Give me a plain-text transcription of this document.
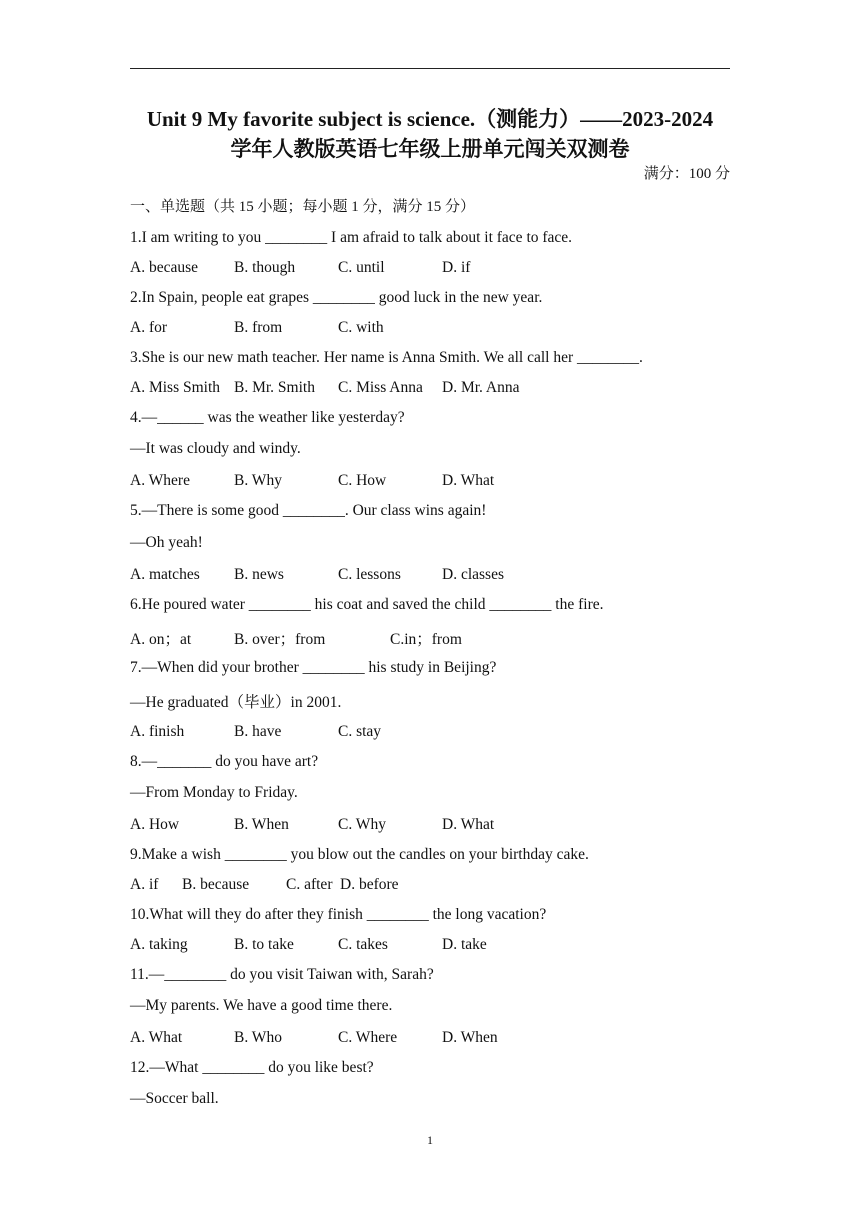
Unit 9 My favorite subject is science.（测能力）——2023-2024
学年人教版英语七年级上册单元闯关双测卷
满分：100 分
一、单选题（共 15 小题；每小题 1 分，满分 15 分）
1.I am writing to you ________ I am afraid to talk about it face to face.

A. because

B. though

	C. until

	D. if

2.In Spain, people eat grapes ________ good luck in the new year.

A. for

	B. from

	C. with

3.She is our new math teacher. Her name is Anna Smith. We all call her ________.

A. Miss Smith

B. Mr. Smith

C. Miss Anna

D. Mr. Anna

4.—______ was the weather like yesterday?
—It was cloudy and windy.

A. Where

	B. Why

	C. How

	D. What

5.—There is some good ________. Our class wins again!
—Oh yeah!

A. matches

B. news

	C. lessons

	D. classes

6.He poured water ________ his coat and saved the child ________ the fire.

A. on；at

	B. over；from

	C.in；from

7.—When did your brother ________ his study in Beijing?
—He graduated（毕业）in 2001.

A. finish

	B. have

	C. stay

8.—_______ do you have art?
—From Monday to Friday.

A. How

	B. When

	C. Why

	D. What

9.Make a wish ________ you blow out the candles on your birthday cake.

A. if

B. because

C. after

D. before

10.What will they do after they finish ________ the long vacation?

A. taking

	B. to take

	C. takes

	D. take

11.—________ do you visit Taiwan with, Sarah?
—My parents. We have a good time there.

A. What

	B. Who

	C. Where

	D. When

12.—What ________ do you like best?
—Soccer ball.
1
